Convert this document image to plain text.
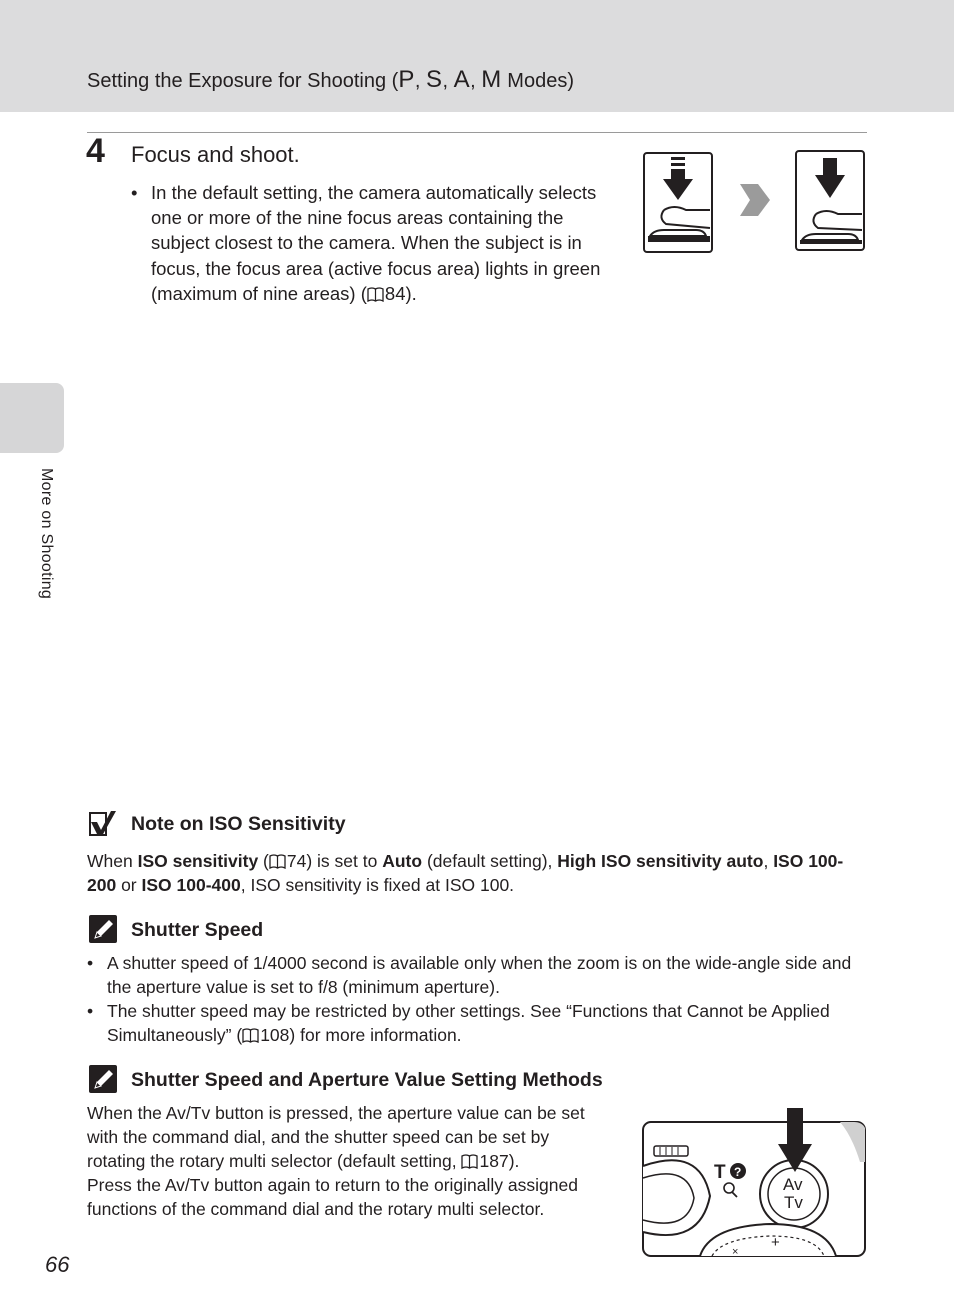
Setting the Exposure for Shooting (P, S, A, M Modes)
More on Shooting
4 Focus and shoot.
• In the default setting, the camera automatically selects one or more of the nine focus areas containing the subject closest to the camera. When the subject is in focus, the focus area (active focus area) lights in green (maximum of nine areas) ( 84).
Note on ISO Sensitivity
When ISO sensitivity ( 74) is set to Auto (default setting), High ISO sensitivity auto, ISO 100-200 or ISO 100-400, ISO sensitivity is fixed at ISO 100.
Shutter Speed
• A shutter speed of 1/4000 second is available only when the zoom is on the wide-angle side and the aperture value is set to f/8 (minimum aperture).
• The shutter speed may be restricted by other settings. See “Functions that Cannot be Applied Simultaneously” ( 108) for more information.
Shutter Speed and Aperture Value Setting Methods
When the Av/Tv button is pressed, the aperture value can be set with the command dial, and the shutter speed can be set by rotating the rotary multi selector (default setting, 187).
Press the Av/Tv button again to return to the originally assigned functions of the command dial and the rotary multi selector.
T ?
Av
Tv
+
×
66
